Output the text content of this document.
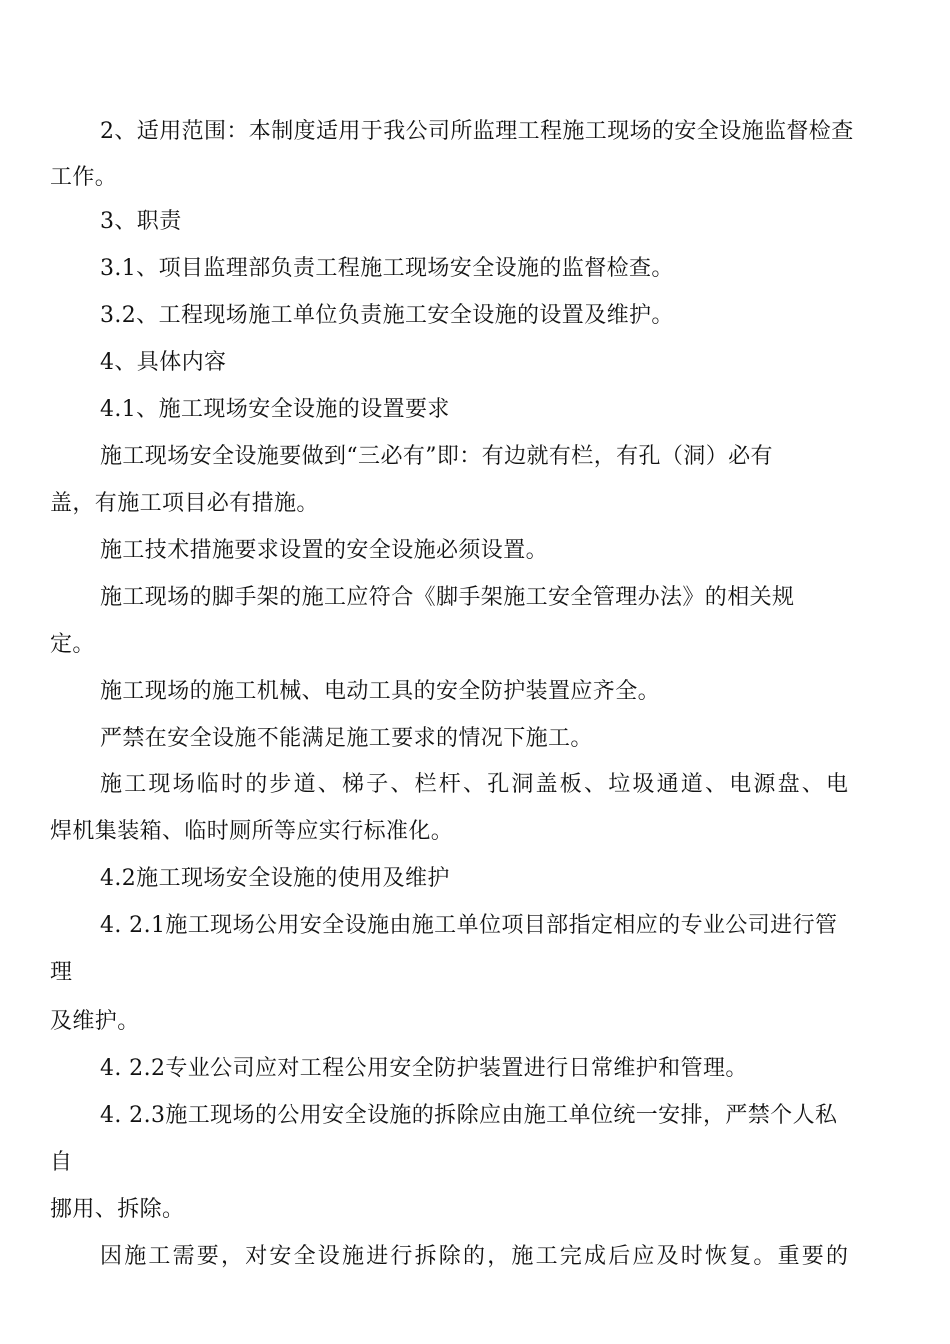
2、适用范围：本制度适用于我公司所监理工程施工现场的安全设施监督检查
工作。
3、职责
3.1、项目监理部负责工程施工现场安全设施的监督检查。
3.2、工程现场施工单位负责施工安全设施的设置及维护。
4、具体内容
4.1、施工现场安全设施的设置要求
施工现场安全设施要做到“三必有”即：有边就有栏，有孔（洞）必有
盖，有施工项目必有措施。
施工技术措施要求设置的安全设施必须设置。
施工现场的脚手架的施工应符合《脚手架施工安全管理办法》的相关规
定。
施工现场的施工机械、电动工具的安全防护装置应齐全。
严禁在安全设施不能满足施工要求的情况下施工。
施工现场临时的步道、梯子、栏杆、孔洞盖板、垃圾通道、电源盘、电
焊机集装箱、临时厕所等应实行标准化。
4.2施工现场安全设施的使用及维护
4. 2.1施工现场公用安全设施由施工单位项目部指定相应的专业公司进行管
理
及维护。
4. 2.2专业公司应对工程公用安全防护装置进行日常维护和管理。
4. 2.3施工现场的公用安全设施的拆除应由施工单位统一安排，严禁个人私
自
挪用、拆除。
因施工需要，对安全设施进行拆除的，施工完成后应及时恢复。重要的
